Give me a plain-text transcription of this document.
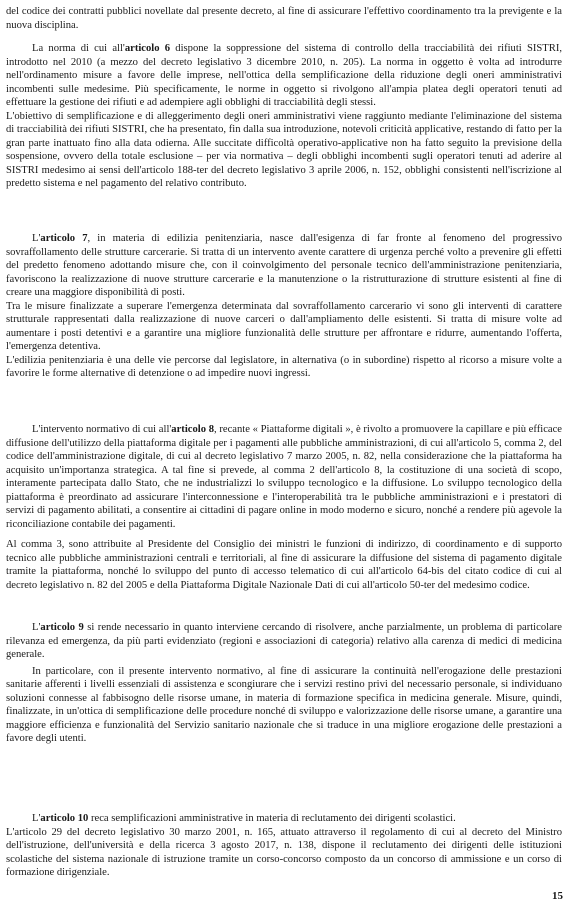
del codice dei contratti pubblici novellate dal presente decreto, al fine di assicurare l'effettivo coordinamento tra la previgente e la nuova disciplina.

La norma di cui all'articolo 6 dispone la soppressione del sistema di controllo della tracciabilità dei rifiuti SISTRI, introdotto nel 2010 (a mezzo del decreto legislativo 3 dicembre 2010, n. 205). La norma in oggetto è volta ad introdurre nell'ordinamento misure a favore delle imprese, nell'ottica della semplificazione della riduzione degli oneri amministrativi incombenti sulle medesime. Più specificamente, le norme in oggetto si rivolgono all'ampia platea degli operatori tenuti ad effettuare la gestione dei rifiuti e ad adempiere agli obblighi di tracciabilità degli stessi.

L'obiettivo di semplificazione e di alleggerimento degli oneri amministrativi viene raggiunto mediante l'eliminazione del sistema di tracciabilità dei rifiuti SISTRI, che ha presentato, fin dalla sua introduzione, notevoli criticità applicative, restando di fatto per la gran parte inattuato fino alla data odierna. Alle succitate difficoltà operativo-applicative non ha fatto seguito la previsione della sospensione, ovvero della totale esclusione – per via normativa – degli obblighi incombenti sugli operatori tenuti ad aderire al SISTRI medesimo ai sensi dell'articolo 188-ter del decreto legislativo 3 aprile 2006, n. 152, obblighi consistenti nell'iscrizione al predetto sistema e nel pagamento del relativo contributo.

L'articolo 7, in materia di edilizia penitenziaria, nasce dall'esigenza di far fronte al fenomeno del progressivo sovraffollamento delle strutture carcerarie. Si tratta di un intervento avente carattere di urgenza perché volto a prevenire gli effetti del predetto fenomeno adottando misure che, con il coinvolgimento del personale tecnico dell'amministrazione penitenziaria, favoriscono la realizzazione di nuove strutture carcerarie e la manutenzione o la ristrutturazione di strutture esistenti al fine di creare una maggiore disponibilità di posti.

Tra le misure finalizzate a superare l'emergenza determinata dal sovraffollamento carcerario vi sono gli interventi di carattere strutturale rappresentati dalla realizzazione di nuove carceri o dall'ampliamento delle esistenti. Si tratta di misure volte ad aumentare i posti detentivi e a garantire una migliore funzionalità delle strutture per affrontare e ridurre, aumentando l'offerta, l'emergenza detentiva.

L'edilizia penitenziaria è una delle vie percorse dal legislatore, in alternativa (o in subordine) rispetto al ricorso a misure volte a favorire le forme alternative di detenzione o ad impedire nuovi ingressi.

L'intervento normativo di cui all'articolo 8, recante « Piattaforme digitali », è rivolto a promuovere la capillare e più efficace diffusione dell'utilizzo della piattaforma digitale per i pagamenti alle pubbliche amministrazioni, di cui all'articolo 5, comma 2, del codice dell'amministrazione digitale, di cui al decreto legislativo 7 marzo 2005, n. 82, nella considerazione che la piattaforma ha acquisito un'importanza strategica. A tal fine si prevede, al comma 2 dell'articolo 8, la costituzione di una società di scopo, interamente partecipata dallo Stato, che ne industrializzi lo sviluppo tecnologico e la diffusione. Lo sviluppo tecnologico della piattaforma è preordinato ad assicurare l'interconnessione e l'interoperabilità tra le pubbliche amministrazioni e i prestatori di servizi di pagamento abilitati, a consentire ai cittadini di pagare online in modo moderno e sicuro, nonché a rendere più agevole la riconciliazione contabile dei pagamenti.

Al comma 3, sono attribuite al Presidente del Consiglio dei ministri le funzioni di indirizzo, di coordinamento e di supporto tecnico alle pubbliche amministrazioni centrali e territoriali, al fine di assicurare la diffusione del sistema di pagamento digitale tramite la piattaforma, nonché lo sviluppo del punto di accesso telematico di cui all'articolo 64-bis del citato codice di cui al decreto legislativo n. 82 del 2005 e della Piattaforma Digitale Nazionale Dati di cui all'articolo 50-ter del medesimo codice.

L'articolo 9 si rende necessario in quanto interviene cercando di risolvere, anche parzialmente, un problema di particolare rilevanza ed emergenza, da più parti evidenziato (regioni e associazioni di categoria) relativo alla carenza di medici di medicina generale.

In particolare, con il presente intervento normativo, al fine di assicurare la continuità nell'erogazione delle prestazioni sanitarie afferenti i livelli essenziali di assistenza e scongiurare che i servizi restino privi del necessario personale, si individuano soluzioni connesse al fabbisogno delle risorse umane, in materia di formazione specifica in medicina generale. Misure, quindi, finalizzate, in un'ottica di semplificazione delle procedure nonché di sviluppo e valorizzazione delle risorse umane, a garantire una maggiore efficienza e funzionalità del Servizio sanitario nazionale che si traduce in una migliore erogazione delle prestazioni a favore degli utenti.

L'articolo 10 reca semplificazioni amministrative in materia di reclutamento dei dirigenti scolastici.

L'articolo 29 del decreto legislativo 30 marzo 2001, n. 165, attuato attraverso il regolamento di cui al decreto del Ministro dell'istruzione, dell'università e della ricerca 3 agosto 2017, n. 138, dispone il reclutamento dei dirigenti delle istituzioni scolastiche del sistema nazionale di istruzione tramite un corso-concorso composto da un concorso di ammissione e un corso di formazione dirigenziale.

15
